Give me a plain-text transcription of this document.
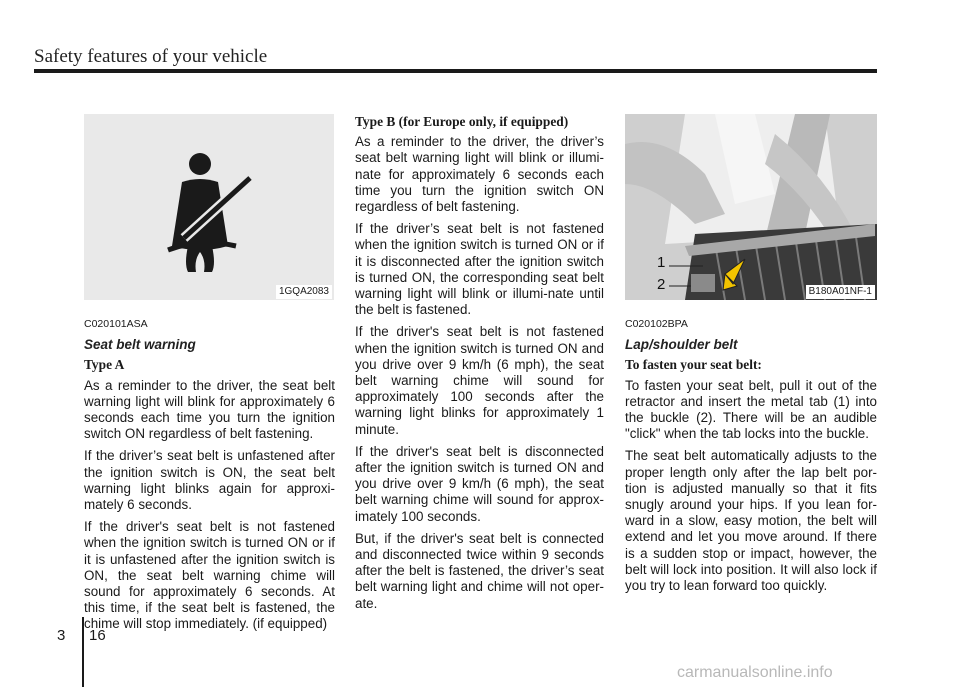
Safety features of your vehicle
1GQA2083
C020101ASA
Seat belt warning
Type A

As a reminder to the driver, the seat belt warning light will blink for approximately 6 seconds each time you turn the ignition switch ON regardless of belt fastening.

If the driver’s seat belt is unfastened after the ignition switch is ON, the seat belt warning light blinks again for approxi-mately 6 seconds.

If the driver's seat belt is not fastened when the ignition switch is turned ON or if it is unfastened after the ignition switch is ON, the seat belt warning chime will sound for approximately 6 seconds. At this time, if the seat belt is fastened, the chime will stop immediately. (if equipped)

Type B (for Europe only, if equipped)

As a reminder to the driver, the driver’s seat belt warning light will blink or illumi-nate for approximately 6 seconds each time you turn the ignition switch ON regardless of belt fastening.

If the driver’s seat belt is not fastened when the ignition switch is turned ON or if it is disconnected after the ignition switch is turned ON, the corresponding seat belt warning light will blink or illumi-nate until the belt is fastened.

If the driver's seat belt is not fastened when the ignition switch is turned ON and you drive over 9 km/h (6 mph), the seat belt warning chime will sound for approximately 100 seconds after the warning light blinks for approximately 1 minute.

If the driver's seat belt is disconnected after the ignition switch is turned ON and you drive over 9 km/h (6 mph), the seat belt warning chime will sound for approx-imately 100 seconds.

But, if the driver's seat belt is connected and disconnected twice within 9 seconds after the belt is fastened, the driver’s seat belt warning light and chime will not oper-ate.

1
2	B180A01NF-1
C020102BPA
Lap/shoulder belt
To fasten your seat belt:

To fasten your seat belt, pull it out of the retractor and insert the metal tab (1) into the buckle (2). There will be an audible "click" when the tab locks into the buckle.

The seat belt automatically adjusts to the proper length only after the lap belt por-tion is adjusted manually so that it fits snugly around your hips. If you lean for-ward in a slow, easy motion, the belt will extend and let you move around. If there is a sudden stop or impact, however, the belt will lock into position. It will also lock if you try to lean forward too quickly.

3 16
carmanualsonline.info
